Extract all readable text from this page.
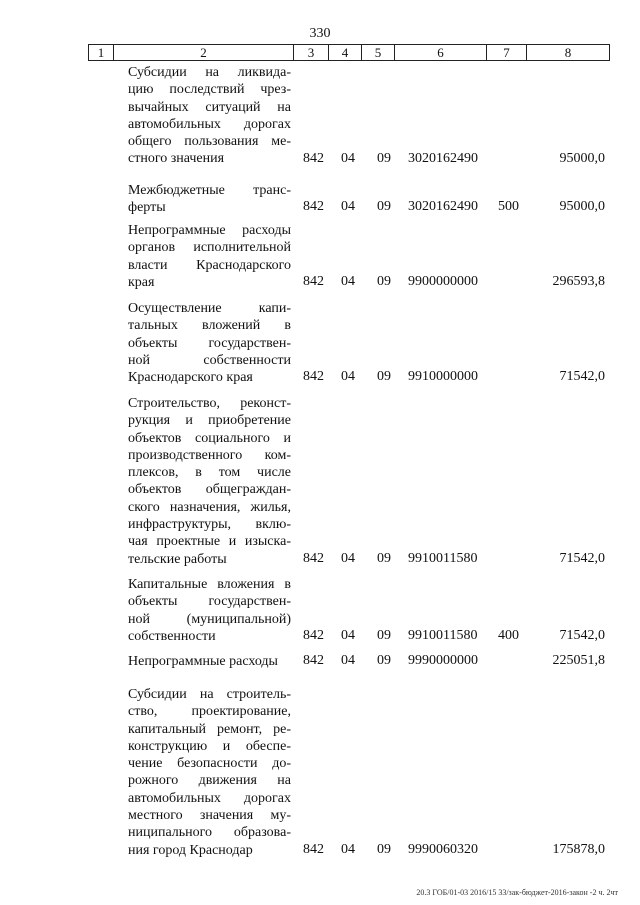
330
1	2	3	4	5	6	7	8
Субсидии на ликвида-
цию последствий чрез-
вычайных ситуаций на
автомобильных дорогах
общего пользования ме-
стного значения	842 04 09 3020162490	95000,0
Межбюджетные транс-
ферты	842 04 09 3020162490 500	95000,0
Непрограммные расходы
органов исполнительной
власти Краснодарского
края	842 04 09 9900000000	296593,8
Осуществление капи-
тальных вложений в
объекты государствен-
ной собственности
Краснодарского края	842 04 09 9910000000	71542,0
Строительство, реконст-
рукция и приобретение
объектов социального и
производственного ком-
плексов, в том числе
объектов общеграждан-
ского назначения, жилья,
инфраструктуры, вклю-
чая проектные и изыска-
тельские работы	842 04 09 9910011580	71542,0
Капитальные вложения в
объекты государствен-
ной (муниципальной)
собственности	842 04 09 9910011580 400	71542,0
Непрограммные расходы	842 04 09 9990000000	225051,8
Субсидии на строитель-
ство, проектирование,
капитальный ремонт, ре-
конструкцию и обеспе-
чение безопасности до-
рожного движения на
автомобильных дорогах
местного значения му-
ниципального образова-
ния город Краснодар	842 04 09 9990060320	175878,0
20.3 ГОБ/01-03 2016/15 33/зак-бюджет-2016-закон -2 ч. 2чт
